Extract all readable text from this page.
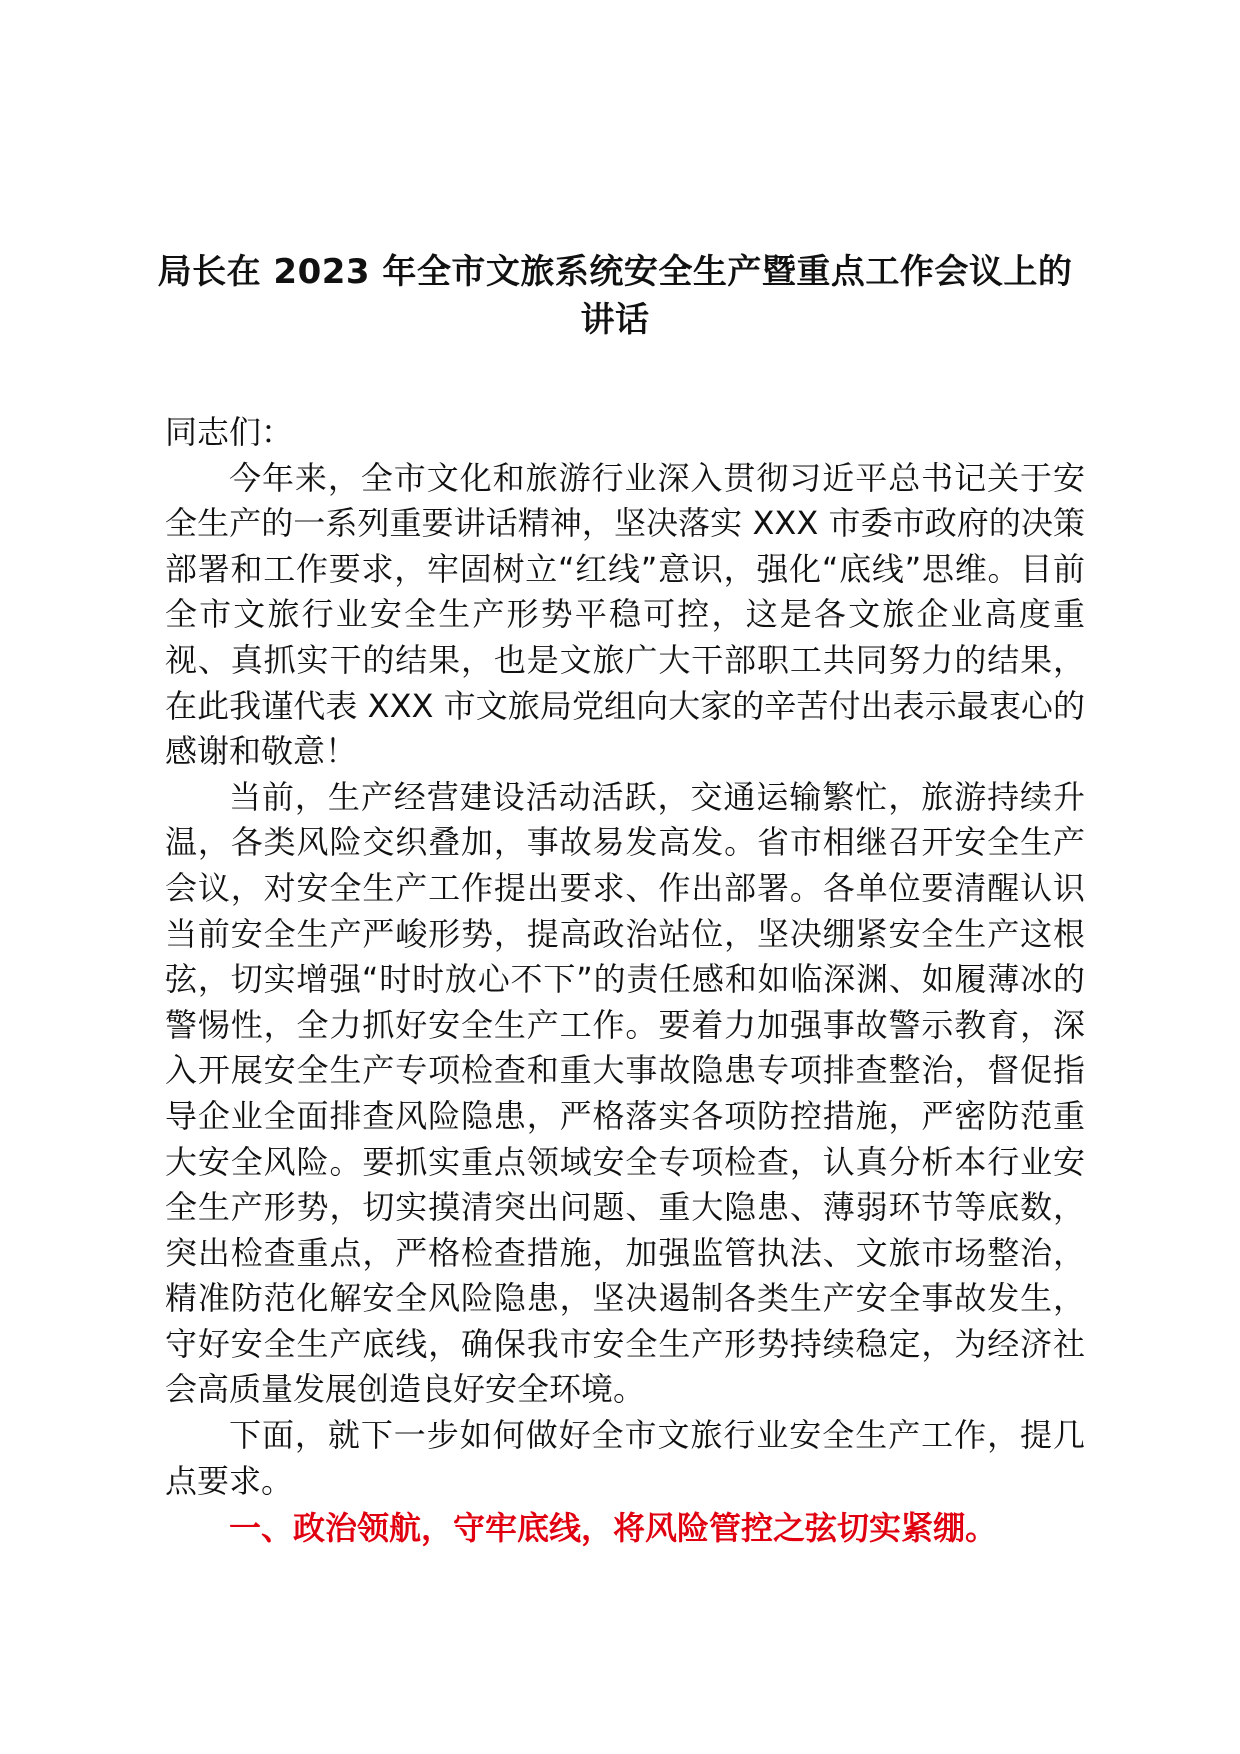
局长在 2023 年全市文旅系统安全生产暨重点工作会议上的讲话

同志们：

今年来，全市文化和旅游行业深入贯彻习近平总书记关于安全生产的一系列重要讲话精神，坚决落实 XXX 市委市政府的决策部署和工作要求，牢固树立“红线”意识，强化“底线”思维。目前全市文旅行业安全生产形势平稳可控，这是各文旅企业高度重视、真抓实干的结果，也是文旅广大干部职工共同努力的结果，在此我谨代表 XXX 市文旅局党组向大家的辛苦付出表示最衷心的感谢和敬意！

当前，生产经营建设活动活跃，交通运输繁忙，旅游持续升温，各类风险交织叠加，事故易发高发。省市相继召开安全生产会议，对安全生产工作提出要求、作出部署。各单位要清醒认识当前安全生产严峻形势，提高政治站位，坚决绷紧安全生产这根弦，切实增强“时时放心不下”的责任感和如临深渊、如履薄冰的警惕性，全力抓好安全生产工作。要着力加强事故警示教育，深入开展安全生产专项检查和重大事故隐患专项排查整治，督促指导企业全面排查风险隐患，严格落实各项防控措施，严密防范重大安全风险。要抓实重点领域安全专项检查，认真分析本行业安全生产形势，切实摸清突出问题、重大隐患、薄弱环节等底数，突出检查重点，严格检查措施，加强监管执法、文旅市场整治，精准防范化解安全风险隐患，坚决遏制各类生产安全事故发生，守好安全生产底线，确保我市安全生产形势持续稳定，为经济社会高质量发展创造良好安全环境。

下面，就下一步如何做好全市文旅行业安全生产工作，提几点要求。

一、政治领航，守牢底线，将风险管控之弦切实紧绷。
